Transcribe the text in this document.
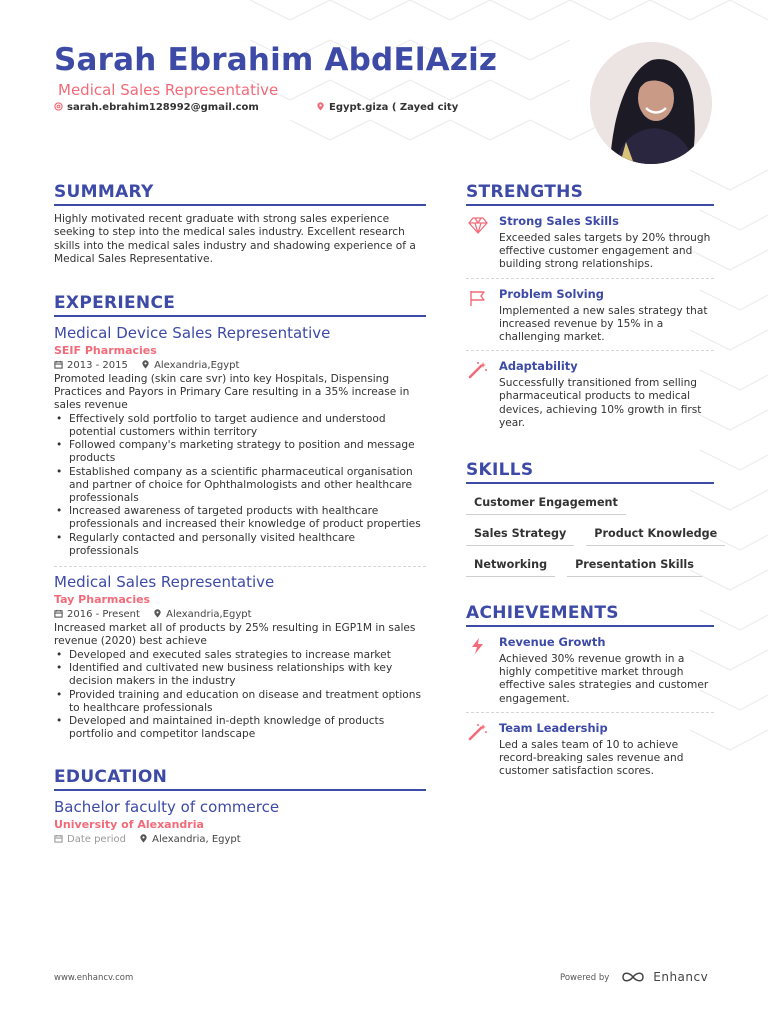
Sarah Ebrahim AbdElAziz
Medical Sales Representative
sarah.ebrahim128992@gmail.com	Egypt.giza ( Zayed city
SUMMARY
Highly motivated recent graduate with strong sales experience seeking to step into the medical sales industry. Excellent research skills into the medical sales industry and shadowing experience of a Medical Sales Representative.
EXPERIENCE
Medical Device Sales Representative
SEIF Pharmacies
2013 - 2015	Alexandria,Egypt
Promoted leading (skin care svr) into key Hospitals, Dispensing Practices and Payors in Primary Care resulting in a 35% increase in sales revenue
• Effectively sold portfolio to target audience and understood potential customers within territory
• Followed company's marketing strategy to position and message products
• Established company as a scientific pharmaceutical organisation and partner of choice for Ophthalmologists and other healthcare professionals
• Increased awareness of targeted products with healthcare professionals and increased their knowledge of product properties
• Regularly contacted and personally visited healthcare professionals
Medical Sales Representative
Tay Pharmacies
2016 - Present	Alexandria,Egypt
Increased market all of products by 25% resulting in EGP1M in sales revenue (2020) best achieve
• Developed and executed sales strategies to increase market
• Identified and cultivated new business relationships with key decision makers in the industry
• Provided training and education on disease and treatment options to healthcare professionals
• Developed and maintained in-depth knowledge of products portfolio and competitor landscape
EDUCATION
Bachelor faculty of commerce
University of Alexandria
Date period	Alexandria, Egypt
STRENGTHS
Strong Sales Skills
Exceeded sales targets by 20% through effective customer engagement and building strong relationships.
Problem Solving
Implemented a new sales strategy that increased revenue by 15% in a challenging market.
Adaptability
Successfully transitioned from selling pharmaceutical products to medical devices, achieving 10% growth in first year.
SKILLS
Customer Engagement
Sales Strategy	Product Knowledge
Networking	Presentation Skills
ACHIEVEMENTS
Revenue Growth
Achieved 30% revenue growth in a highly competitive market through effective sales strategies and customer engagement.
Team Leadership
Led a sales team of 10 to achieve record-breaking sales revenue and customer satisfaction scores.
www.enhancv.com	Powered by	Enhancv
